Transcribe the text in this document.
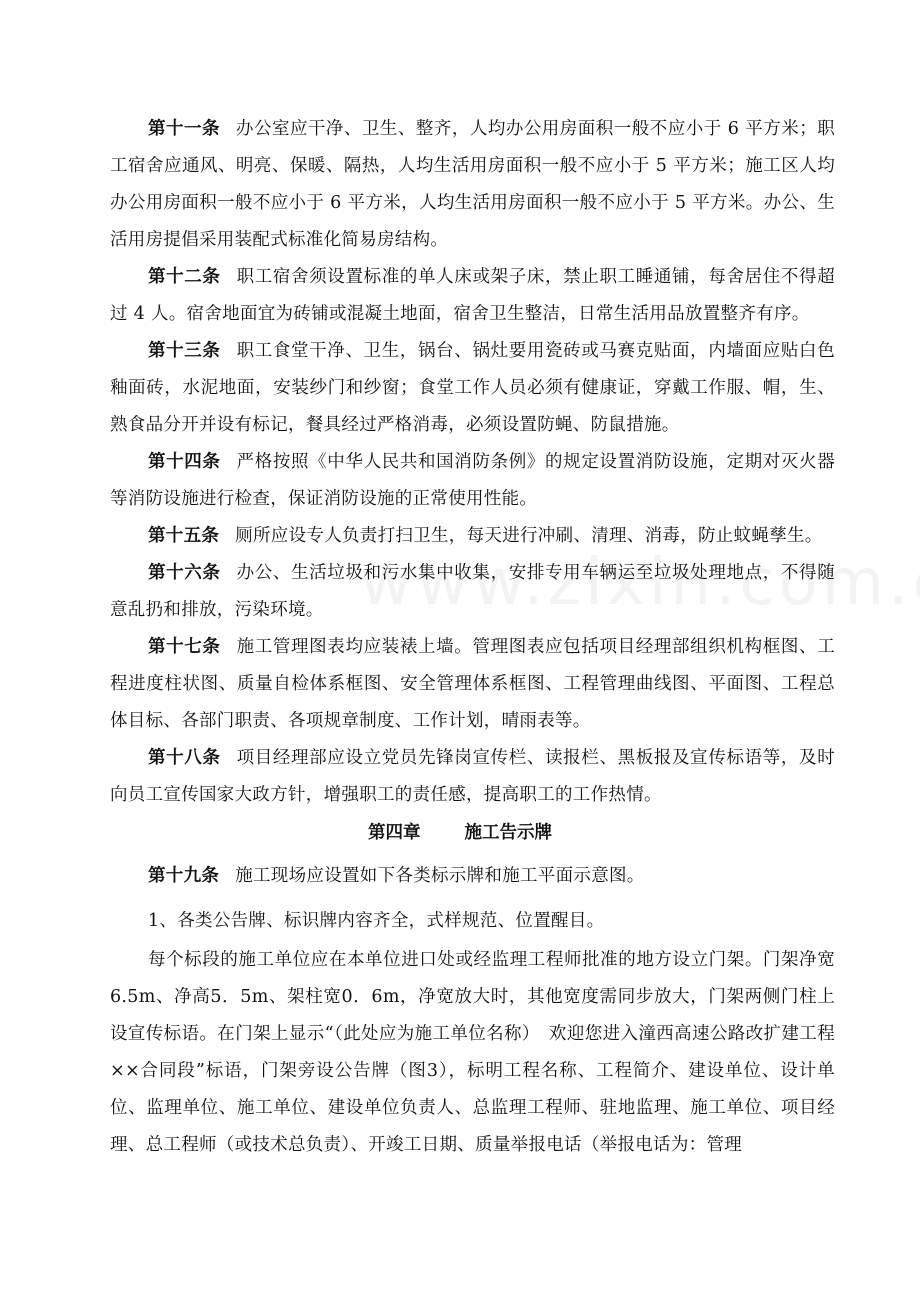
第十一条 办公室应干净、卫生、整齐，人均办公用房面积一般不应小于 6 平方米；职工宿舍应通风、明亮、保暖、隔热，人均生活用房面积一般不应小于 5 平方米；施工区人均办公用房面积一般不应小于 6 平方米，人均生活用房面积一般不应小于 5 平方米。办公、生活用房提倡采用装配式标准化简易房结构。

第十二条 职工宿舍须设置标准的单人床或架子床，禁止职工睡通铺，每舍居住不得超过 4 人。宿舍地面宜为砖铺或混凝土地面，宿舍卫生整洁，日常生活用品放置整齐有序。

第十三条 职工食堂干净、卫生，锅台、锅灶要用瓷砖或马赛克贴面，内墙面应贴白色釉面砖，水泥地面，安装纱门和纱窗；食堂工作人员必须有健康证，穿戴工作服、帽，生、熟食品分开并设有标记，餐具经过严格消毒，必须设置防蝇、防鼠措施。

第十四条 严格按照《中华人民共和国消防条例》的规定设置消防设施，定期对灭火器等消防设施进行检查，保证消防设施的正常使用性能。

第十五条 厕所应设专人负责打扫卫生，每天进行冲刷、清理、消毒，防止蚊蝇孳生。

第十六条 办公、生活垃圾和污水集中收集，安排专用车辆运至垃圾处理地点，不得随意乱扔和排放，污染环境。

第十七条 施工管理图表均应装裱上墙。管理图表应包括项目经理部组织机构框图、工程进度柱状图、质量自检体系框图、安全管理体系框图、工程管理曲线图、平面图、工程总体目标、各部门职责、各项规章制度、工作计划，晴雨表等。

第十八条 项目经理部应设立党员先锋岗宣传栏、读报栏、黑板报及宣传标语等，及时向员工宣传国家大政方针，增强职工的责任感，提高职工的工作热情。

第四章	施工告示牌

第十九条 施工现场应设置如下各类标示牌和施工平面示意图。

1、各类公告牌、标识牌内容齐全，式样规范、位置醒目。

每个标段的施工单位应在本单位进口处或经监理工程师批准的地方设立门架。门架净宽6.5m、净高5．5m、架柱宽0．6m，净宽放大时，其他宽度需同步放大，门架两侧门柱上设宣传标语。在门架上显示“（此处应为施工单位名称）　欢迎您进入潼西高速公路改扩建工程××合同段”标语，门架旁设公告牌（图3），标明工程名称、工程简介、建设单位、设计单位、监理单位、施工单位、建设单位负责人、总监理工程师、驻地监理、施工单位、项目经理、总工程师（或技术总负责）、开竣工日期、质量举报电话（举报电话为：管理
